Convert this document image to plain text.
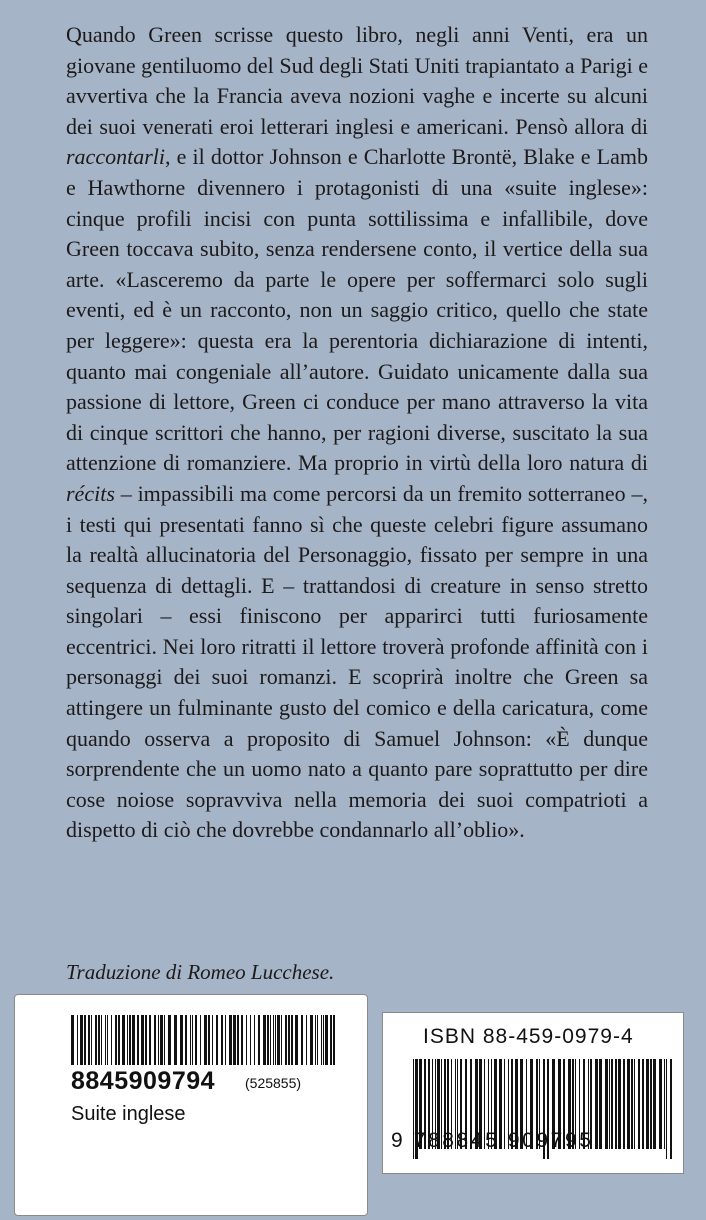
Quando Green scrisse questo libro, negli anni Venti, era un giovane gentiluomo del Sud degli Stati Uniti trapiantato a Parigi e avvertiva che la Francia aveva nozioni vaghe e incerte su alcuni dei suoi venerati eroi letterari inglesi e americani. Pensò allora di raccontarli, e il dottor Johnson e Charlotte Brontë, Blake e Lamb e Hawthorne divennero i protagonisti di una «suite inglese»: cinque profili incisi con punta sottilissima e infallibile, dove Green toccava subito, senza rendersene conto, il vertice della sua arte. «Lasceremo da parte le opere per soffermarci solo sugli eventi, ed è un racconto, non un saggio critico, quello che state per leggere»: questa era la perentoria dichiarazione di intenti, quanto mai congeniale all’autore. Guidato unicamente dalla sua passione di lettore, Green ci conduce per mano attraverso la vita di cinque scrittori che hanno, per ragioni diverse, suscitato la sua attenzione di romanziere. Ma proprio in virtù della loro natura di récits – impassibili ma come percorsi da un fremito sotterraneo –, i testi qui presentati fanno sì che queste celebri figure assumano la realtà allucinatoria del Personaggio, fissato per sempre in una sequenza di dettagli. E – trattandosi di creature in senso stretto singolari – essi finiscono per apparirci tutti furiosamente eccentrici. Nei loro ritratti il lettore troverà profonde affinità con i personaggi dei suoi romanzi. E scoprirà inoltre che Green sa attingere un fulminante gusto del comico e della caricatura, come quando osserva a proposito di Samuel Johnson: «È dunque sorprendente che un uomo nato a quanto pare soprattutto per dire cose noiose sopravviva nella memoria dei suoi compatrioti a dispetto di ciò che dovrebbe condannarlo all’oblio».

Traduzione di Romeo Lucchese.

8845909794 (525855)
Suite inglese
ISBN 88-459-0979-4
9 788845 909795
